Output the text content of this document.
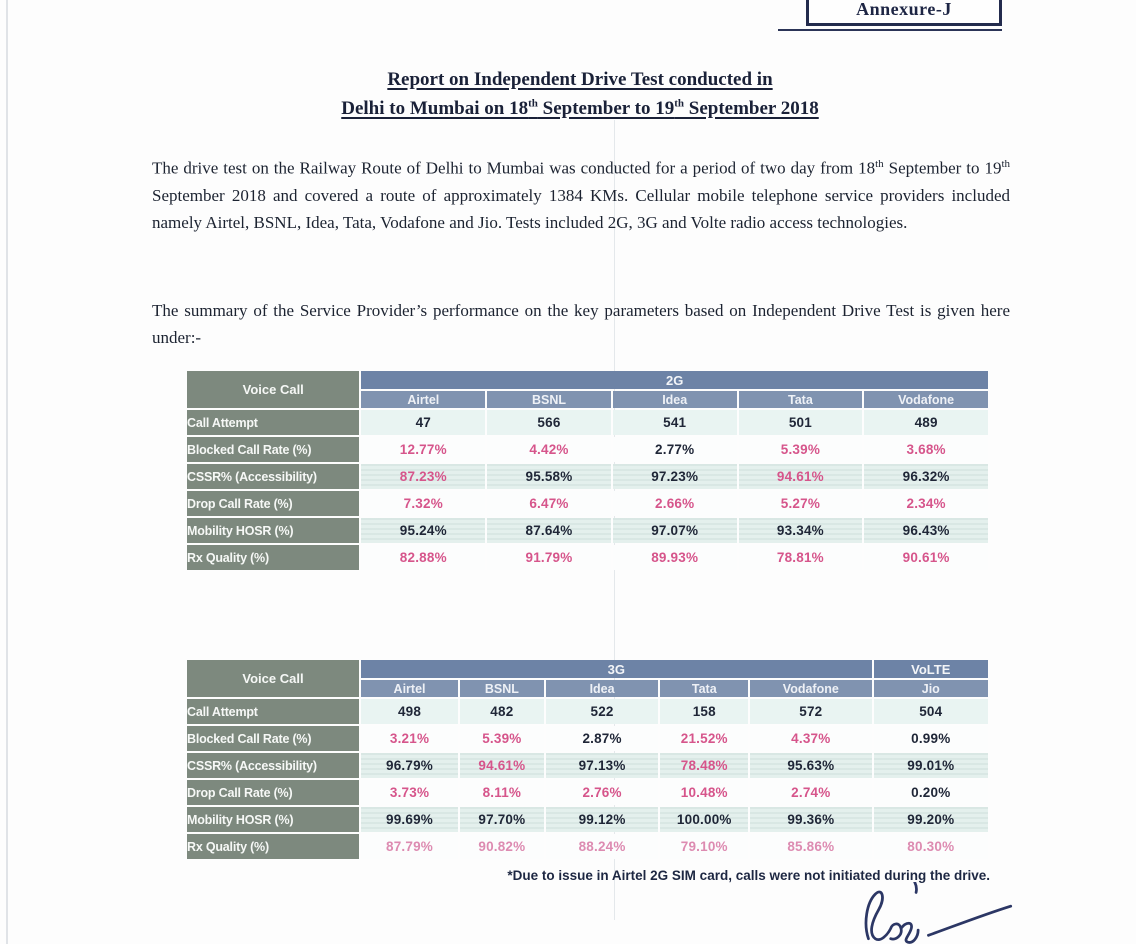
Annexure-J
Report on Independent Drive Test conducted in
Delhi to Mumbai on 18th September to 19th September 2018
The drive test on the Railway Route of Delhi to Mumbai was conducted for a period of two day from 18th September to 19th September 2018 and covered a route of approximately 1384 KMs. Cellular mobile telephone service providers included namely Airtel, BSNL, Idea, Tata, Vodafone and Jio. Tests included 2G, 3G and Volte radio access technologies.
The summary of the Service Provider’s performance on the key parameters based on Independent Drive Test is given here under:-
Voice Call	2G				
	Airtel	BSNL	Idea	Tata	Vodafone
Call Attempt	47	566	541	501	489
Blocked Call Rate (%)	12.77%	4.42%	2.77%	5.39%	3.68%
CSSR% (Accessibility)	87.23%	95.58%	97.23%	94.61%	96.32%
Drop Call Rate (%)	7.32%	6.47%	2.66%	5.27%	2.34%
Mobility HOSR (%)	95.24%	87.64%	97.07%	93.34%	96.43%
Rx Quality (%)	82.88%	91.79%	89.93%	78.81%	90.61%
Voice Call	3G					VoLTE
	Airtel	BSNL	Idea	Tata	Vodafone	Jio
Call Attempt	498	482	522	158	572	504
Blocked Call Rate (%)	3.21%	5.39%	2.87%	21.52%	4.37%	0.99%
CSSR% (Accessibility)	96.79%	94.61%	97.13%	78.48%	95.63%	99.01%
Drop Call Rate (%)	3.73%	8.11%	2.76%	10.48%	2.74%	0.20%
Mobility HOSR (%)	99.69%	97.70%	99.12%	100.00%	99.36%	99.20%
Rx Quality (%)	87.79%	90.82%	88.24%	79.10%	85.86%	80.30%
*Due to issue in Airtel 2G SIM card, calls were not initiated during the drive.
